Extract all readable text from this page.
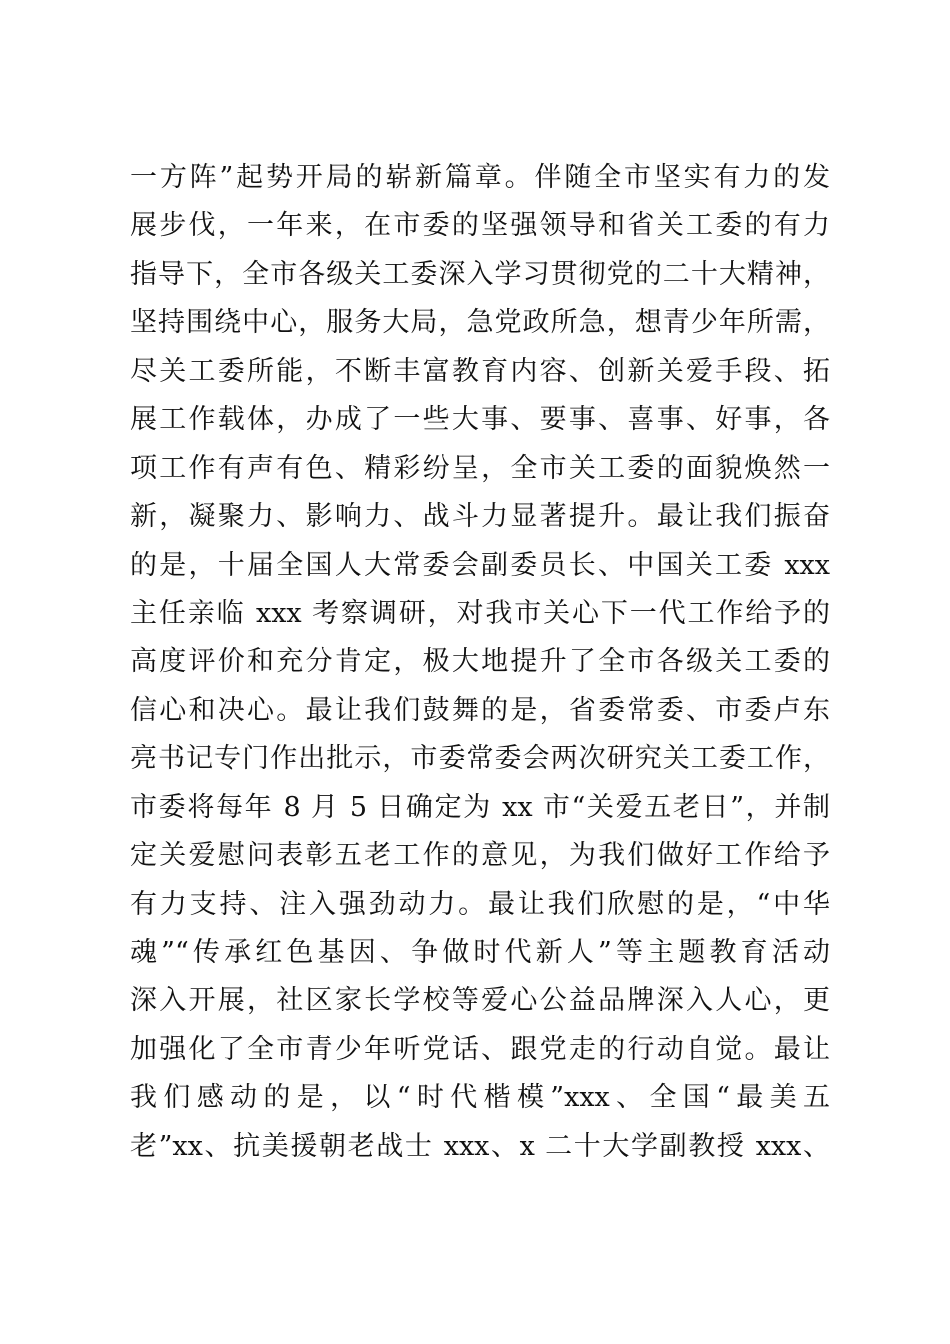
一方阵”起势开局的崭新篇章。伴随全市坚实有力的发
展步伐，一年来，在市委的坚强领导和省关工委的有力
指导下，全市各级关工委深入学习贯彻党的二十大精神，
坚持围绕中心，服务大局，急党政所急，想青少年所需，
尽关工委所能，不断丰富教育内容、创新关爱手段、拓
展工作载体，办成了一些大事、要事、喜事、好事，各
项工作有声有色、精彩纷呈，全市关工委的面貌焕然一
新，凝聚力、影响力、战斗力显著提升。最让我们振奋
的是，十届全国人大常委会副委员长、中国关工委 xxx
主任亲临 xxx 考察调研，对我市关心下一代工作给予的
高度评价和充分肯定，极大地提升了全市各级关工委的
信心和决心。最让我们鼓舞的是，省委常委、市委卢东
亮书记专门作出批示，市委常委会两次研究关工委工作，
市委将每年 8 月 5 日确定为 xx 市“关爱五老日”，并制
定关爱慰问表彰五老工作的意见，为我们做好工作给予
有力支持、注入强劲动力。最让我们欣慰的是，“中华
魂”“传承红色基因、争做时代新人”等主题教育活动
深入开展，社区家长学校等爱心公益品牌深入人心，更
加强化了全市青少年听党话、跟党走的行动自觉。最让
我们感动的是，以“时代楷模”xxx、全国“最美五
老”xx、抗美援朝老战士 xxx、x 二十大学副教授 xxx、
